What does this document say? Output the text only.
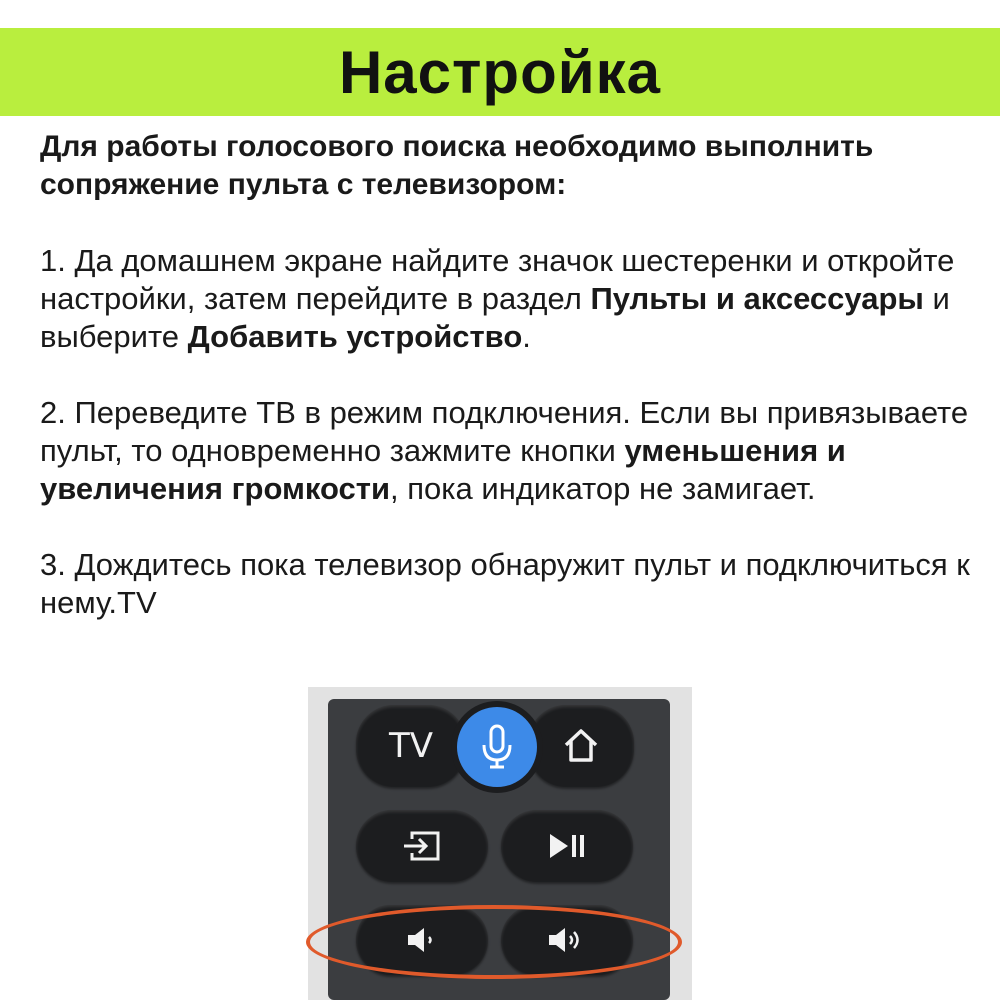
Настройка

Для работы голосового поиска необходимо выполнить сопряжение пульта с телевизором:

1. Да домашнем экране найдите значок шестеренки и откройте настройки, затем перейдите в раздел Пульты и аксессуары и выберите Добавить устройство.

2. Переведите ТВ в режим подключения. Если вы привязываете пульт, то одновременно зажмите кнопки уменьшения и увеличения громкости, пока индикатор не замигает.

3. Дождитесь пока телевизор обнаружит пульт и подключиться к нему.TV

TV
